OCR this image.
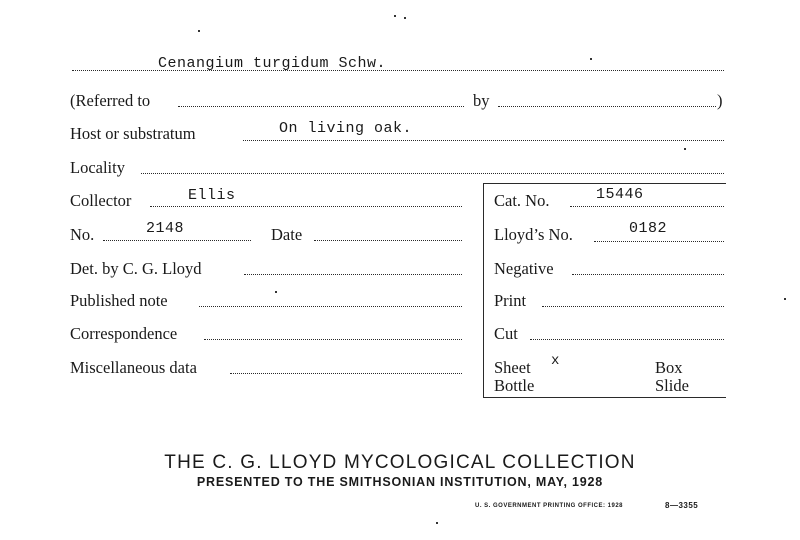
Cenangium turgidum Schw.
(Referred to	by	)
Host or substratum	On living oak.
Locality
Collector	Ellis
No.	2148	Date
Det. by C. G. Lloyd
Published note
Correspondence
Miscellaneous data
Cat. No.	15446
Lloyd’s No.	0182
Negative
Print
Cut
Sheet x	Box
Bottle	Slide
THE C. G. LLOYD MYCOLOGICAL COLLECTION
PRESENTED TO THE SMITHSONIAN INSTITUTION, MAY, 1928
U. S. GOVERNMENT PRINTING OFFICE: 1928	8—3355
